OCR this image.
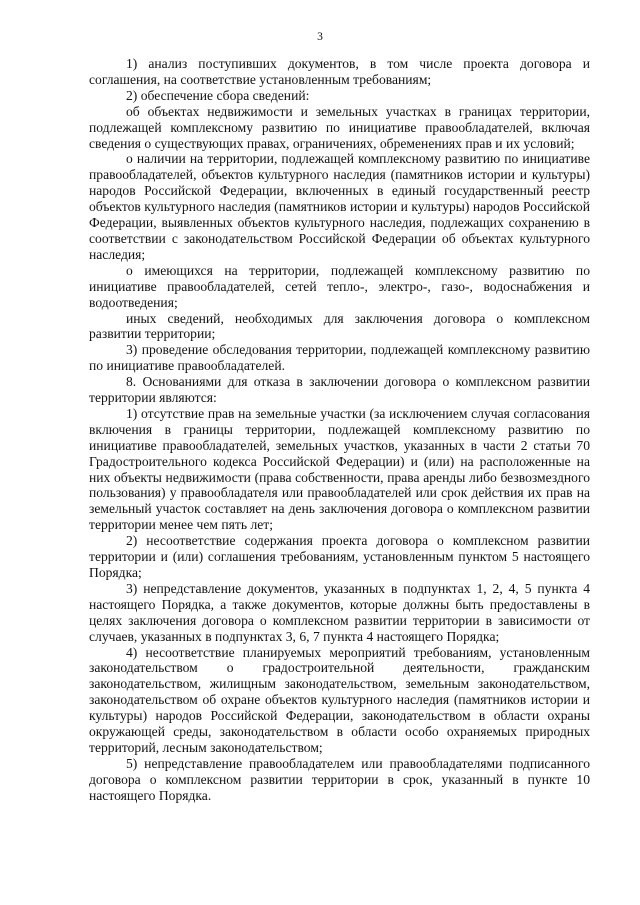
3

1) анализ поступивших документов, в том числе проекта договора и соглашения, на соответствие установленным требованиям;

2) обеспечение сбора сведений:

об объектах недвижимости и земельных участках в границах территории, подлежащей комплексному развитию по инициативе правообладателей, включая сведения о существующих правах, ограничениях, обременениях прав и их условий;

о наличии на территории, подлежащей комплексному развитию по инициативе правообладателей, объектов культурного наследия (памятников истории и культуры) народов Российской Федерации, включенных в единый государственный реестр объектов культурного наследия (памятников истории и культуры) народов Российской Федерации, выявленных объектов культурного наследия, подлежащих сохранению в соответствии с законодательством Российской Федерации об объектах культурного наследия;

о имеющихся на территории, подлежащей комплексному развитию по инициативе правообладателей, сетей тепло-, электро-, газо-, водоснабжения и водоотведения;

иных сведений, необходимых для заключения договора о комплексном развитии территории;

3) проведение обследования территории, подлежащей комплексному развитию по инициативе правообладателей.

8. Основаниями для отказа в заключении договора о комплексном развитии территории являются:

1) отсутствие прав на земельные участки (за исключением случая согласования включения в границы территории, подлежащей комплексному развитию по инициативе правообладателей, земельных участков, указанных в части 2 статьи 70 Градостроительного кодекса Российской Федерации) и (или) на расположенные на них объекты недвижимости (права собственности, права аренды либо безвозмездного пользования) у правообладателя или правообладателей или срок действия их прав на земельный участок составляет на день заключения договора о комплексном развитии территории менее чем пять лет;

2) несоответствие содержания проекта договора о комплексном развитии территории и (или) соглашения требованиям, установленным пунктом 5 настоящего Порядка;

3) непредставление документов, указанных в подпунктах 1, 2, 4, 5 пункта 4 настоящего Порядка, а также документов, которые должны быть предоставлены в целях заключения договора о комплексном развитии территории в зависимости от случаев, указанных в подпунктах 3, 6, 7 пункта 4 настоящего Порядка;

4) несоответствие планируемых мероприятий требованиям, установленным законодательством о градостроительной деятельности, гражданским законодательством, жилищным законодательством, земельным законодательством, законодательством об охране объектов культурного наследия (памятников истории и культуры) народов Российской Федерации, законодательством в области охраны окружающей среды, законодательством в области особо охраняемых природных территорий, лесным законодательством;

5) непредставление правообладателем или правообладателями подписанного договора о комплексном развитии территории в срок, указанный в пункте 10 настоящего Порядка.
